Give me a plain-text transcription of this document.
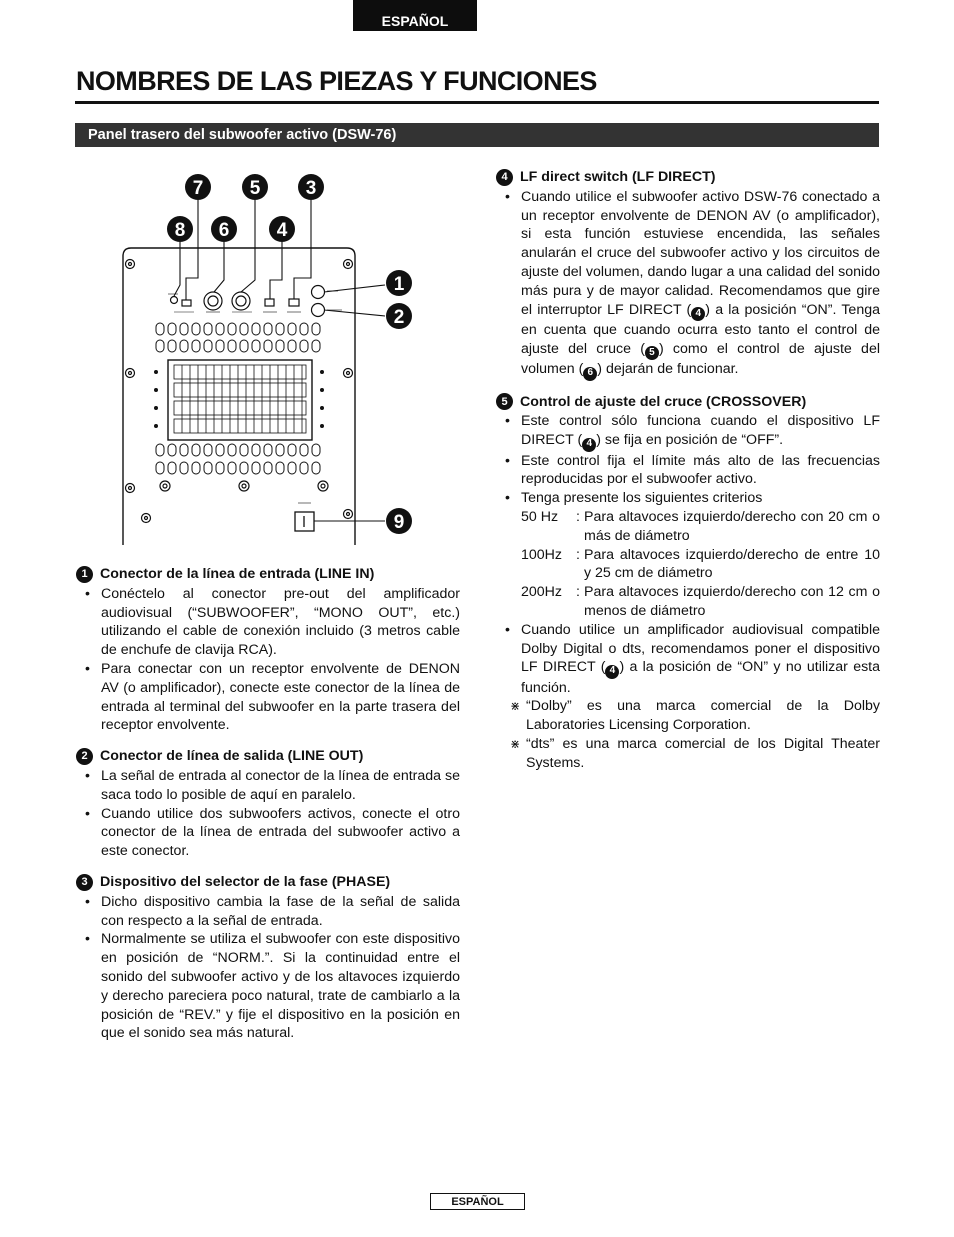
ESPAÑOL
NOMBRES DE LAS PIEZAS Y FUNCIONES
Panel trasero del subwoofer activo (DSW-76)
7 5 3
8 6 4
1
2
9
1 Conector de la línea de entrada (LINE IN)
• Conéctelo al conector pre-out del amplificador audiovisual (“SUBWOOFER”, “MONO OUT”, etc.) utilizando el cable de conexión incluido (3 metros cable de enchufe de clavija RCA).
• Para conectar con un receptor envolvente de DENON AV (o amplificador), conecte este conector de la línea de entrada al terminal del subwoofer en la parte trasera del receptor envolvente.
2 Conector de línea de salida (LINE OUT)
• La señal de entrada al conector de la línea de entrada se saca todo lo posible de aquí en paralelo.
• Cuando utilice dos subwoofers activos, conecte el otro conector de la línea de entrada del subwoofer activo a este conector.
3 Dispositivo del selector de la fase (PHASE)
• Dicho dispositivo cambia la fase de la señal de salida con respecto a la señal de entrada.
• Normalmente se utiliza el subwoofer con este dispositivo en posición de “NORM.”. Si la continuidad entre el sonido del subwoofer activo y de los altavoces izquierdo y derecho pareciera poco natural, trate de cambiarlo a la posición de “REV.” y fije el dispositivo en la posición en que el sonido sea más natural.
4 LF direct switch (LF DIRECT)
• Cuando utilice el subwoofer activo DSW-76 conectado a un receptor envolvente de DENON AV (o amplificador), si esta función estuviese encendida, las señales anularán el cruce del subwoofer activo y los circuitos de ajuste del volumen, dando lugar a una calidad del sonido más pura y de mayor calidad. Recomendamos que gire el interruptor LF DIRECT ( 4 ) a la posición “ON”. Tenga en cuenta que cuando ocurra esto tanto el control de ajuste del cruce ( 5 ) como el control de ajuste del volumen ( 6 ) dejarán de funcionar.
5 Control de ajuste del cruce (CROSSOVER)
• Este control sólo funciona cuando el dispositivo LF DIRECT ( 4 ) se fija en posición de “OFF”.
• Este control fija el límite más alto de las frecuencias reproducidas por el subwoofer activo.
• Tenga presente los siguientes criterios
50 Hz	: Para altavoces izquierdo/derecho con 20 cm o más de diámetro
100Hz : Para altavoces izquierdo/derecho de entre 10 y 25 cm de diámetro
200Hz : Para altavoces izquierdo/derecho con 12 cm o menos de diámetro
• Cuando utilice un amplificador audiovisual compatible Dolby Digital o dts, recomendamos poner el dispositivo LF DIRECT ( 4 ) a la posición de “ON” y no utilizar esta función.
⋇ “Dolby” es una marca comercial de la Dolby Laboratories Licensing Corporation.
⋇ “dts” es una marca comercial de los Digital Theater Systems.
ESPAÑOL
